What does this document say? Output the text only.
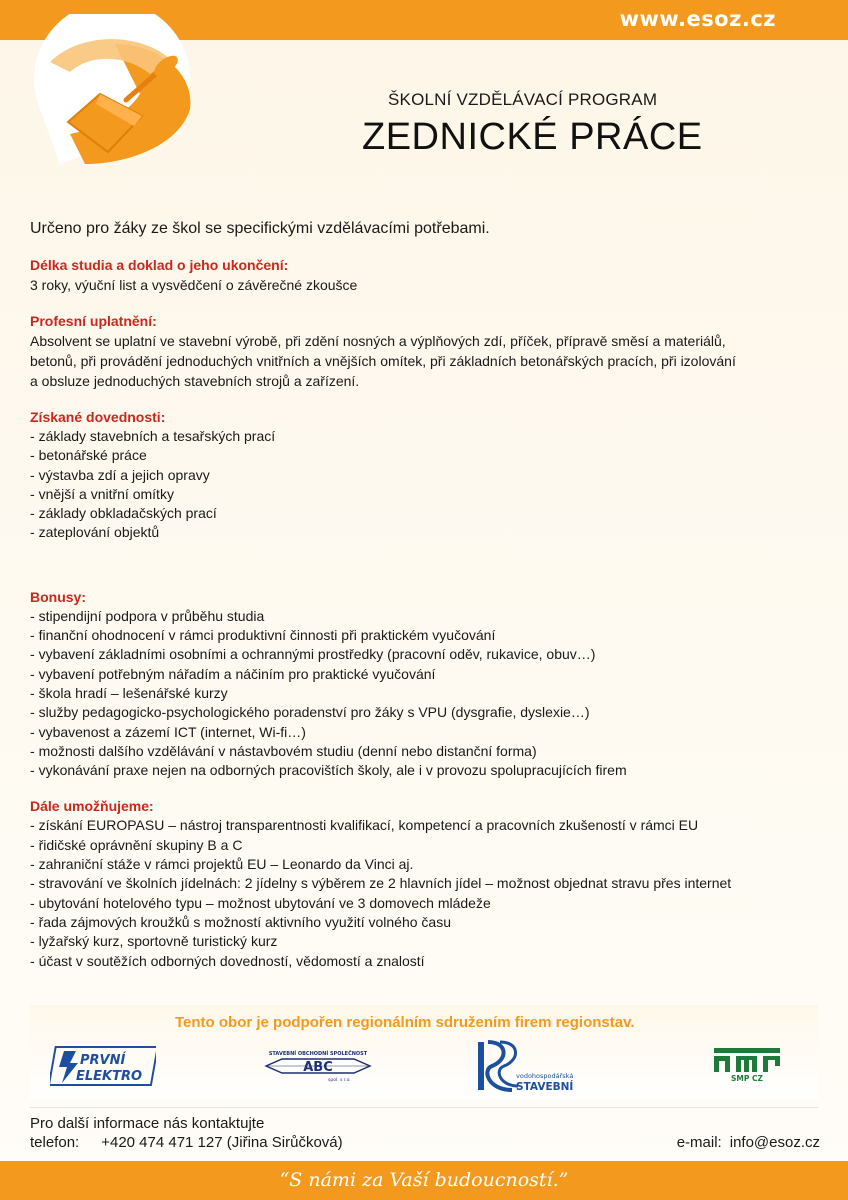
www.esoz.cz
ŠKOLNÍ VZDĚLÁVACÍ PROGRAM
ZEDNICKÉ PRÁCE

Určeno pro žáky ze škol se specifickými vzdělávacími potřebami.

Délka studia a doklad o jeho ukončení:
3 roky, výuční list a vysvědčení o závěrečné zkoušce
Profesní uplatnění:
Absolvent se uplatní ve stavební výrobě, při zdění nosných a výplňových zdí, příček, přípravě směsí a materiálů,
betonů, při provádění jednoduchých vnitřních a vnějších omítek, při základních betonářských pracích, při izolování
a obsluze jednoduchých stavebních strojů a zařízení.
Získané dovednosti:
- základy stavebních a tesařských prací
- betonářské práce
- výstavba zdí a jejich opravy
- vnější a vnitřní omítky
- základy obkladačských prací
- zateplování objektů
Bonusy:
- stipendijní podpora v průběhu studia
- finanční ohodnocení v rámci produktivní činnosti při praktickém vyučování
- vybavení základními osobními a ochrannými prostředky (pracovní oděv, rukavice, obuv…)
- vybavení potřebným nářadím a náčiním pro praktické vyučování
- škola hradí – lešenářské kurzy
- služby pedagogicko-psychologického poradenství pro žáky s VPU (dysgrafie, dyslexie…)
- vybavenost a zázemí ICT (internet, Wi-fi…)
- možnosti dalšího vzdělávání v nástavbovém studiu (denní nebo distanční forma)
- vykonávání praxe nejen na odborných pracovištích školy, ale i v provozu spolupracujících firem
Dále umožňujeme:
- získání EUROPASU – nástroj transparentnosti kvalifikací, kompetencí a pracovních zkušeností v rámci EU
- řidičské oprávnění skupiny B a C
- zahraniční stáže v rámci projektů EU – Leonardo da Vinci aj.
- stravování ve školních jídelnách: 2 jídelny s výběrem ze 2 hlavních jídel – možnost objednat stravu přes internet
- ubytování hotelového typu – možnost ubytování ve 3 domovech mládeže
- řada zájmových kroužků s možností aktivního využití volného času
- lyžařský kurz, sportovně turistický kurz
- účast v soutěžích odborných dovedností, vědomostí a znalostí
Tento obor je podpořen regionálním sdružením firem regionstav.
PRVNÍ
ELEKTRO
STAVEBNÍ OBCHODNÍ SPOLEČNOST
ABC
spol. s r.o.
vodohospodářská
STAVEBNÍ
SMP CZ
Pro další informace nás kontaktujte
telefon: +420 474 471 127 (Jiřina Sirůčková)	e-mail: info@esoz.cz
“S námi za Vaší budoucností.”
